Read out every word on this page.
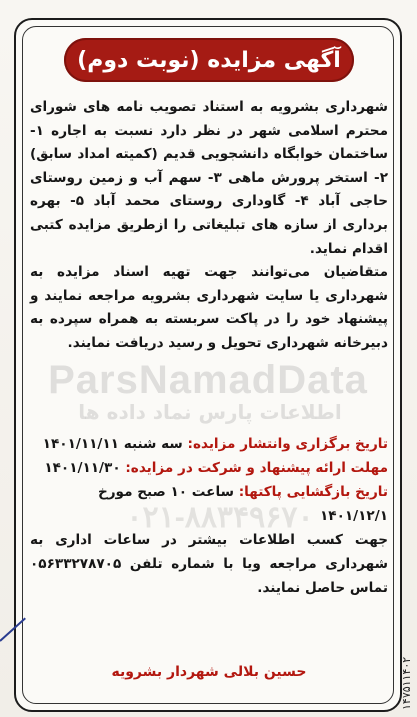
آگهی مزایده (نوبت دوم)
ParsNamadData
اطلاعات پارس نماد داده ها
۰۲۱-۸۸۳۴۹۶۷۰

شهرداری بشرویه به استناد تصویب نامه های شورای محترم اسلامی شهر در نظر دارد نسبت به اجاره ۱- ساختمان خوابگاه دانشجویی قدیم (کمیته امداد سابق) ۲- استخر پرورش ماهی ۳- سهم آب و زمین روستای حاجی آباد ۴- گاوداری روستای محمد آباد ۵- بهره برداری از سازه های تبلیغاتی را ازطریق مزایده کتبی اقدام نماید.

متقاضیان می‌توانند جهت تهیه اسناد مزایده به شهرداری یا سایت شهرداری بشرویه مراجعه نمایند و پیشنهاد خود را در پاکت سربسته به همراه سپرده به دبیرخانه شهرداری تحویل و رسید دریافت نمایند.

تاریخ برگزاری وانتشار مزایده: سه شنبه ۱۴۰۱/۱۱/۱۱
مهلت ارائه پیشنهاد و شرکت در مزایده: ۱۴۰۱/۱۱/۳۰
تاریخ بازگشایی پاکتها: ساعت ۱۰ صبح مورخ
۱۴۰۱/۱۲/۱
جهت کسب اطلاعات بیشتر در ساعات اداری به شهرداری مراجعه ویا با شماره تلفن ۰۵۶۳۳۲۷۸۷۰۵ تماس حاصل نمایند.
حسین بلالی شهردار بشرویه	۱۴۷۵۱۱۴۰۲
